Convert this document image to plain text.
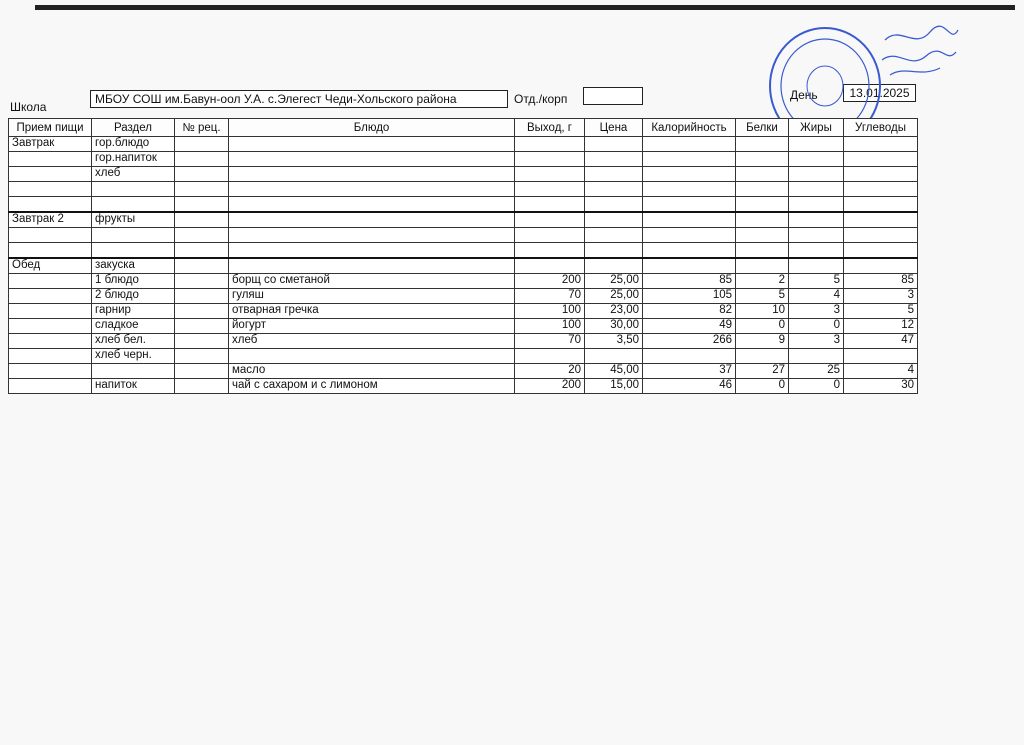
Школа
МБОУ СОШ им.Бавун-оол У.А. с.Элегест Чеди-Хольского района	Отд./корп	День	13.01.2025
Прием пищи	Раздел	№ рец.	Блюдо	Выход, г	Цена	Калорийность	Белки	Жиры	Углеводы
Завтрак	гор.блюдо								
	гор.напиток								
	хлеб								

Завтрак 2	фрукты								

Обед	закуска								
	1 блюдо		борщ со сметаной	200	25,00	85	2	5	85
	2 блюдо		гуляш	70	25,00	105	5	4	3
	гарнир		отварная гречка	100	23,00	82	10	3	5
	сладкое		йогурт	100	30,00	49	0	0	12
	хлеб бел.		хлеб	70	3,50	266	9	3	47
	хлеб черн.								
			масло	20	45,00	37	27	25	4
	напиток		чай с сахаром и с лимоном	200	15,00	46	0	0	30
